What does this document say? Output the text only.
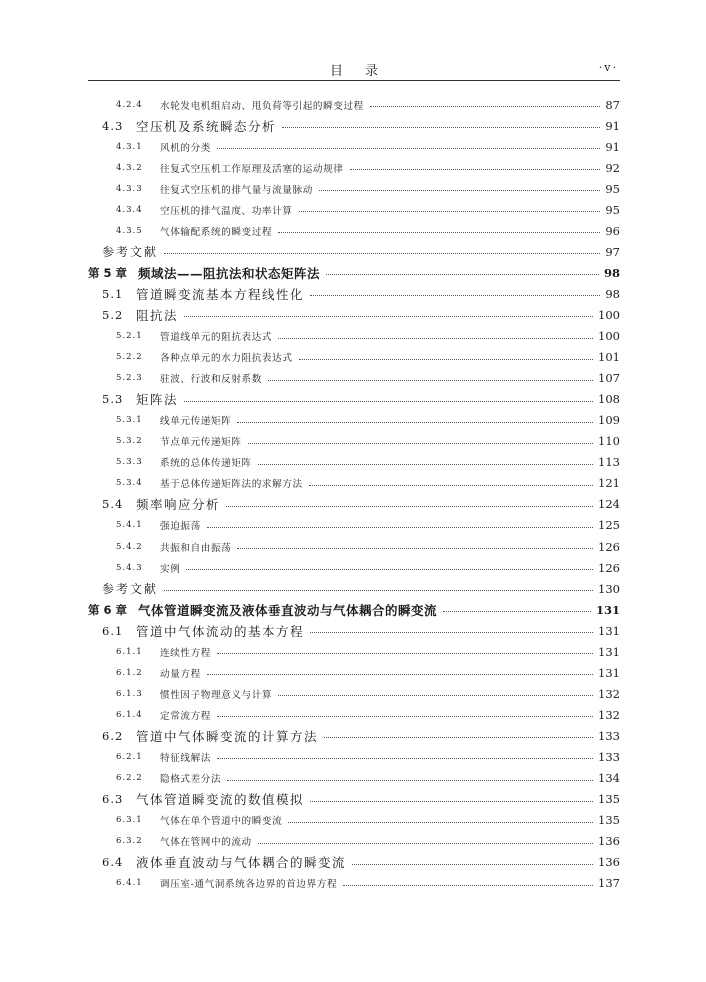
目录	·v·
4.2.4	水轮发电机组启动、甩负荷等引起的瞬变过程	87
4.3	空压机及系统瞬态分析	91
4.3.1	风机的分类	91
4.3.2	往复式空压机工作原理及活塞的运动规律	92
4.3.3	往复式空压机的排气量与流量脉动	95
4.3.4	空压机的排气温度、功率计算	95
4.3.5	气体输配系统的瞬变过程	96
参考文献	97
第 5 章 频域法——阻抗法和状态矩阵法	98
5.1	管道瞬变流基本方程线性化	98
5.2	阻抗法	100
5.2.1	管道线单元的阻抗表达式	100
5.2.2	各种点单元的水力阻抗表达式	101
5.2.3	驻波、行波和反射系数	107
5.3	矩阵法	108
5.3.1	线单元传递矩阵	109
5.3.2	节点单元传递矩阵	110
5.3.3	系统的总体传递矩阵	113
5.3.4	基于总体传递矩阵法的求解方法	121
5.4	频率响应分析	124
5.4.1	强迫振荡	125
5.4.2	共振和自由振荡	126
5.4.3	实例	126
参考文献	130
第 6 章 气体管道瞬变流及液体垂直波动与气体耦合的瞬变流	131
6.1	管道中气体流动的基本方程	131
6.1.1	连续性方程	131
6.1.2	动量方程	131
6.1.3	惯性因子物理意义与计算	132
6.1.4	定常流方程	132
6.2	管道中气体瞬变流的计算方法	133
6.2.1	特征线解法	133
6.2.2	隐格式差分法	134
6.3	气体管道瞬变流的数值模拟	135
6.3.1	气体在单个管道中的瞬变流	135
6.3.2	气体在管网中的流动	136
6.4	液体垂直波动与气体耦合的瞬变流	136
6.4.1	调压室-通气洞系统各边界的首边界方程	137
